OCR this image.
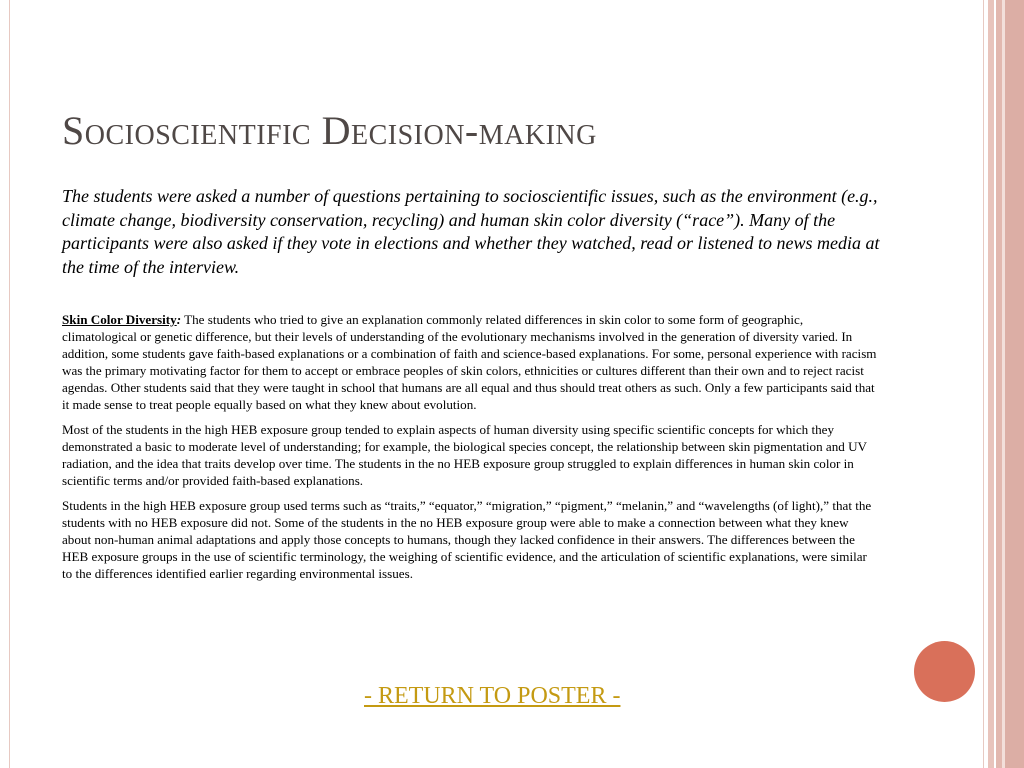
Socioscientific Decision-making

The students were asked a number of questions pertaining to socioscientific issues, such as the environment (e.g., climate change, biodiversity conservation, recycling) and human skin color diversity (“race”). Many of the participants were also asked if they vote in elections and whether they watched, read or listened to news media at the time of the interview.

Skin Color Diversity: The students who tried to give an explanation commonly related differences in skin color to some form of geographic, climatological or genetic difference, but their levels of understanding of the evolutionary mechanisms involved in the generation of diversity varied. In addition, some students gave faith-based explanations or a combination of faith and science-based explanations. For some, personal experience with racism was the primary motivating factor for them to accept or embrace peoples of skin colors, ethnicities or cultures different than their own and to reject racist agendas. Other students said that they were taught in school that humans are all equal and thus should treat others as such. Only a few participants said that it made sense to treat people equally based on what they knew about evolution.

Most of the students in the high HEB exposure group tended to explain aspects of human diversity using specific scientific concepts for which they demonstrated a basic to moderate level of understanding; for example, the biological species concept, the relationship between skin pigmentation and UV radiation, and the idea that traits develop over time. The students in the no HEB exposure group struggled to explain differences in human skin color in scientific terms and/or provided faith-based explanations.

Students in the high HEB exposure group used terms such as “traits,” “equator,” “migration,” “pigment,” “melanin,” and “wavelengths (of light),” that the students with no HEB exposure did not. Some of the students in the no HEB exposure group were able to make a connection between what they knew about non-human animal adaptations and apply those concepts to humans, though they lacked confidence in their answers. The differences between the HEB exposure groups in the use of scientific terminology, the weighing of scientific evidence, and the articulation of scientific explanations, were similar to the differences identified earlier regarding environmental issues.

- RETURN TO POSTER -
